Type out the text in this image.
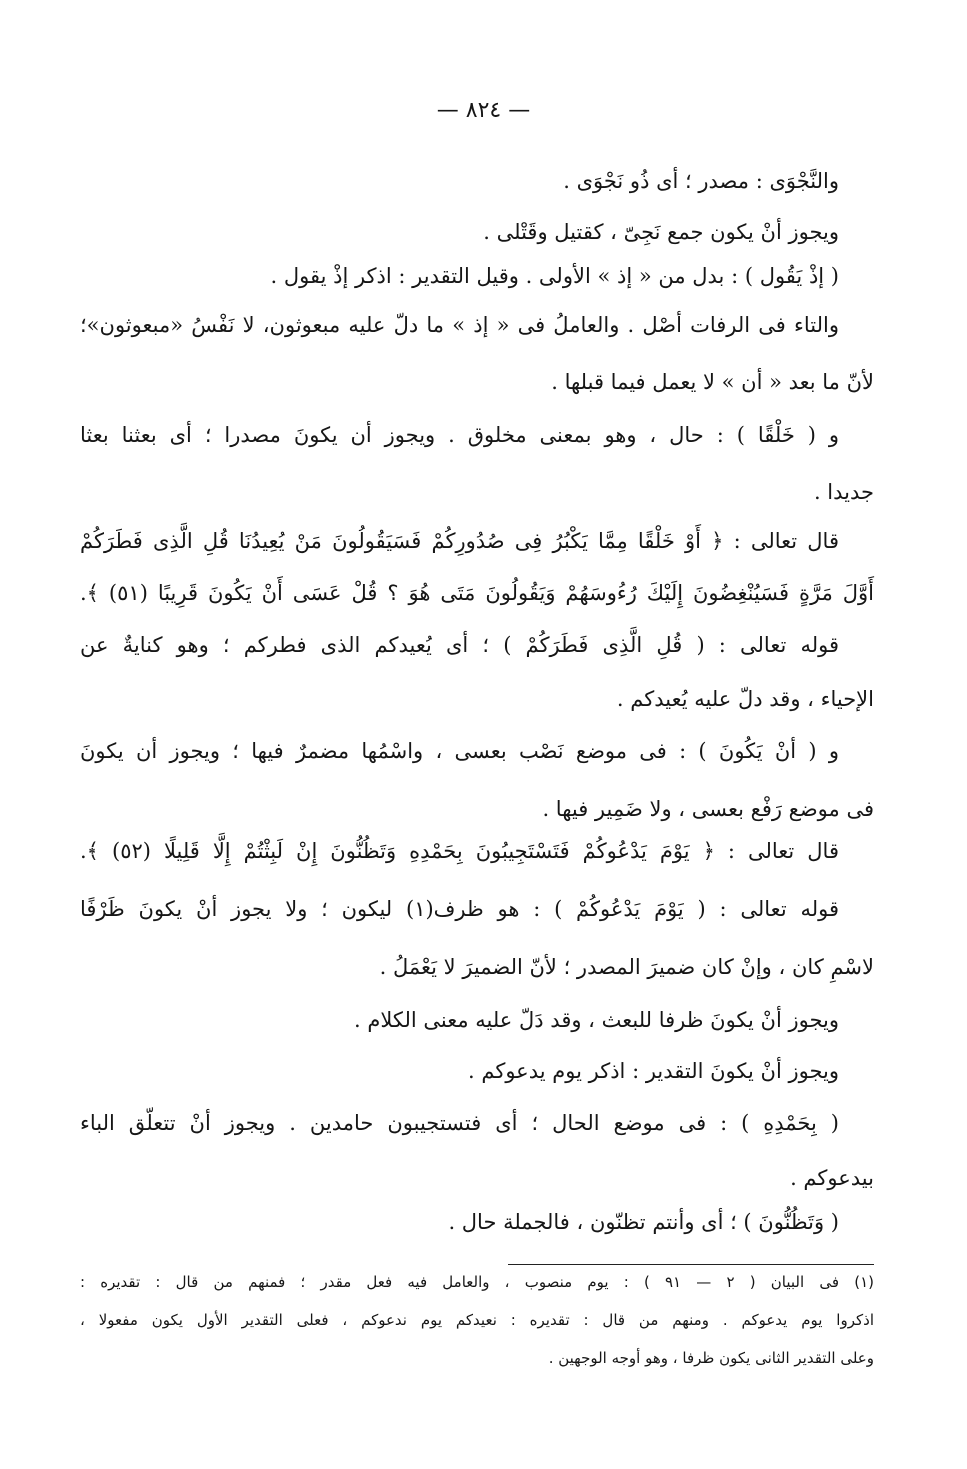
— ٨٢٤ —
والنَّجْوَى : مصدر ؛ أى ذُو نَجْوَى .
ويجوز أنْ يكون جمع نَجِىّ ، كقتيل وقَتْلى .
( إذْ يَقُول ) : بدل من « إذ » الأولى . وقيل التقدير : اذكر إذْ يقول .
والتاء فى الرفات أصْل . والعاملُ فى « إذ » ما دلّ عليه مبعوثون، لا نَفْسُ «مبعوثون»؛
لأنّ ما بعد « أن » لا يعمل فيما قبلها .
و ( خَلْقًا ) : حال ، وهو بمعنى مخلوق . ويجوز أن يكونَ مصدرا ؛ أى بعثنا بعثا
جديدا .
قال تعالى : ﴿ أَوْ خَلْقًا مِمَّا يَكْبُرُ فِى صُدُورِكُمْ فَسَيَقُولُونَ مَنْ يُعِيدُنَا قُلِ الَّذِى فَطَرَكُمْ
أَوَّلَ مَرَّةٍ فَسَيُنْغِضُونَ إِلَيْكَ رُءُوسَهُمْ وَيَقُولُونَ مَتَى هُوَ ؟ قُلْ عَسَى أَنْ يَكُونَ قَرِيبًا (٥١) ﴾.
قوله تعالى : ( قُلِ الَّذِى فَطَرَكُمْ ) ؛ أى يُعيدكم الذى فطركم ؛ وهو كنايةٌ عن
الإحياء ، وقد دلّ عليه يُعيدكم .
و ( أنْ يَكُونَ ) : فى موضع نَصْب بعسى ، واسْمُها مضمرٌ فيها ؛ ويجوز أن يكونَ
فى موضع رَفْع بعسى ، ولا ضَمِير فيها .
قال تعالى : ﴿ يَوْمَ يَدْعُوكُمْ فَتَسْتَجِيبُونَ بِحَمْدِهِ وَتَظُنُّونَ إِنْ لَبِثْتُمْ إِلَّا قَلِيلًا (٥٢) ﴾.
قوله تعالى : ( يَوْمَ يَدْعُوكُمْ ) : هو ظرف(١) ليكون ؛ ولا يجوز أنْ يكونَ ظَرْفًا
لاسْمِ كان ، وإنْ كان ضميرَ المصدر ؛ لأنّ الضميرَ لا يَعْمَلُ .
ويجوز أنْ يكونَ ظرفا للبعث ، وقد دَلّ عليه معنى الكلام .
ويجوز أنْ يكونَ التقدير : اذكر يوم يدعوكم .
( بِحَمْدِهِ ) : فى موضع الحال ؛ أى فتستجيبون حامدين . ويجوز أنْ تتعلّق الباء
بيدعوكم .
( وَتَظُنُّونَ ) ؛ أى وأنتم تظنّون ، فالجملة حال .
(١) فى البيان ( ٢ — ٩١ ) : يوم منصوب ، والعامل فيه فعل مقدر ؛ فمنهم من قال : تقديره :
اذكروا يوم يدعوكم . ومنهم من قال : تقديره : نعيدكم يوم ندعوكم ، فعلى التقدير الأول يكون مفعولا ،
وعلى التقدير الثانى يكون ظرفا ، وهو أوجه الوجهين .
